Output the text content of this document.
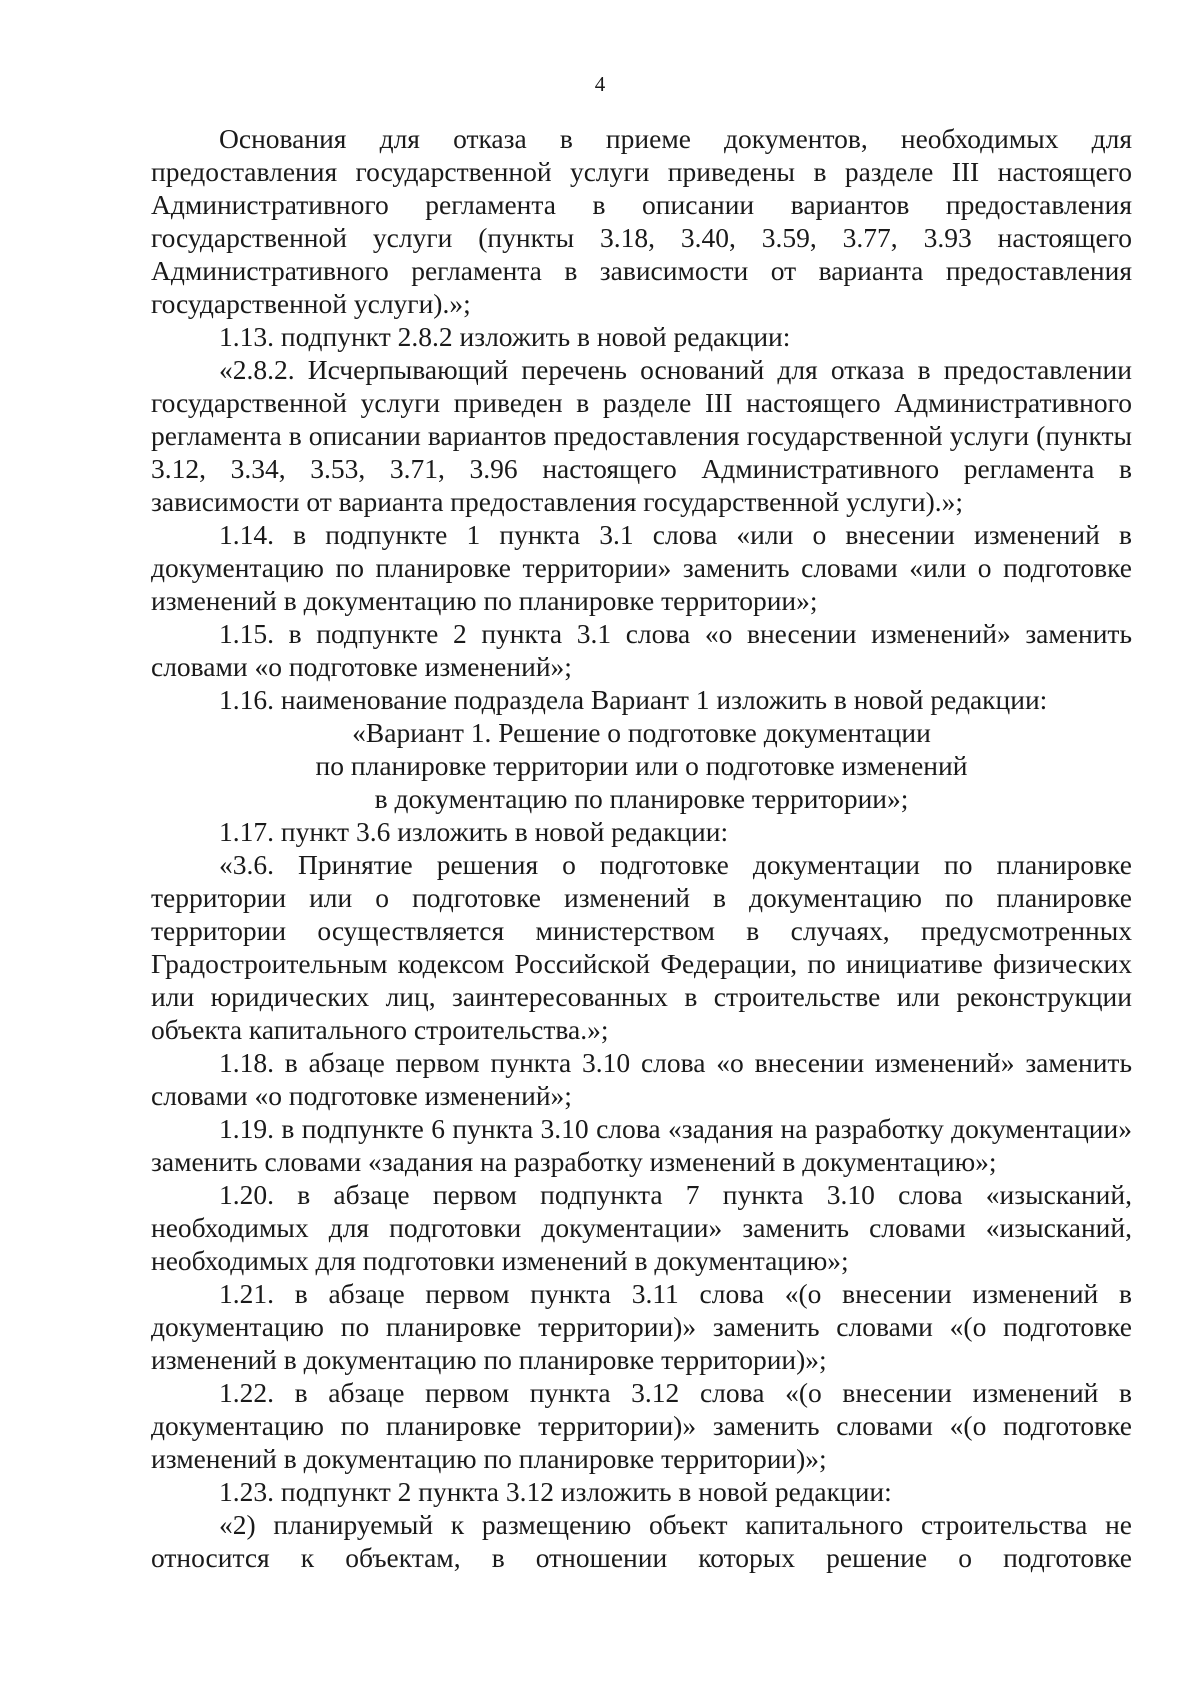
4

Основания для отказа в приеме документов, необходимых для предоставления государственной услуги приведены в разделе III настоящего Административного регламента в описании вариантов предоставления государственной услуги (пункты 3.18, 3.40, 3.59, 3.77, 3.93 настоящего Административного регламента в зависимости от варианта предоставления государственной услуги).»;

1.13. подпункт 2.8.2 изложить в новой редакции:

«2.8.2. Исчерпывающий перечень оснований для отказа в предоставлении государственной услуги приведен в разделе III настоящего Административного регламента в описании вариантов предоставления государственной услуги (пункты 3.12, 3.34, 3.53, 3.71, 3.96 настоящего Административного регламента в зависимости от варианта предоставления государственной услуги).»;

1.14. в подпункте 1 пункта 3.1 слова «или о внесении изменений в документацию по планировке территории» заменить словами «или о подготовке изменений в документацию по планировке территории»;

1.15. в подпункте 2 пункта 3.1 слова «о внесении изменений» заменить словами «о подготовке изменений»;

1.16. наименование подраздела Вариант 1 изложить в новой редакции:

«Вариант 1. Решение о подготовке документации

по планировке территории или о подготовке изменений

в документацию по планировке территории»;

1.17. пункт 3.6 изложить в новой редакции:

«3.6. Принятие решения о подготовке документации по планировке территории или о подготовке изменений в документацию по планировке территории осуществляется министерством в случаях, предусмотренных Градостроительным кодексом Российской Федерации, по инициативе физических или юридических лиц, заинтересованных в строительстве или реконструкции объекта капитального строительства.»;

1.18. в абзаце первом пункта 3.10 слова «о внесении изменений» заменить словами «о подготовке изменений»;

1.19. в подпункте 6 пункта 3.10 слова «задания на разработку документации» заменить словами «задания на разработку изменений в документацию»;

1.20. в абзаце первом подпункта 7 пункта 3.10 слова «изысканий, необходимых для подготовки документации» заменить словами «изысканий, необходимых для подготовки изменений в документацию»;

1.21. в абзаце первом пункта 3.11 слова «(о внесении изменений в документацию по планировке территории)» заменить словами «(о подготовке изменений в документацию по планировке территории)»;

1.22. в абзаце первом пункта 3.12 слова «(о внесении изменений в документацию по планировке территории)» заменить словами «(о подготовке изменений в документацию по планировке территории)»;

1.23. подпункт 2 пункта 3.12 изложить в новой редакции:

«2) планируемый к размещению объект капитального строительства не относится к объектам, в отношении которых решение о подготовке
